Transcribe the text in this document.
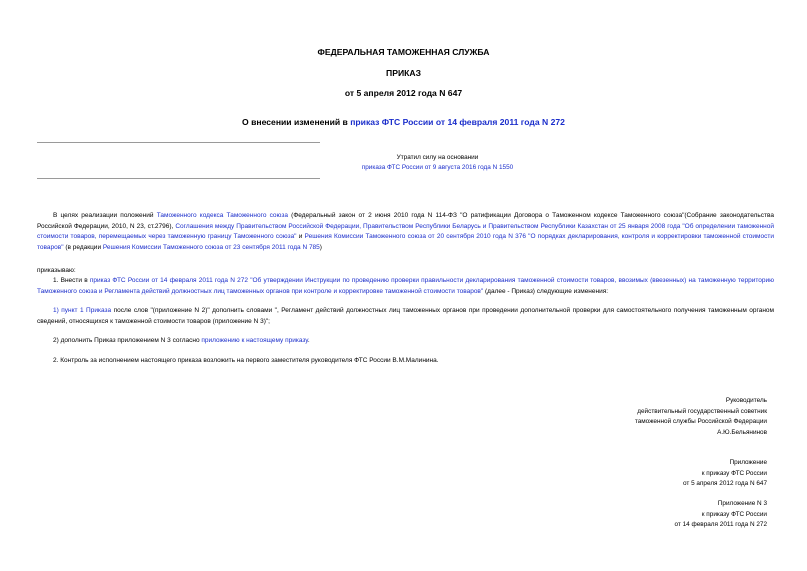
ФЕДЕРАЛЬНАЯ ТАМОЖЕННАЯ СЛУЖБА
ПРИКАЗ
от 5 апреля 2012 года N 647
О внесении изменений в приказ ФТС России от 14 февраля 2011 года N 272
Утратил силу на основании
приказа ФТС России от 9 августа 2016 года N 1550
В целях реализации положений Таможенного кодекса Таможенного союза (Федеральный закон от 2 июня 2010 года N 114-ФЗ "О ратификации Договора о Таможенном кодексе Таможенного союза"(Собрание законодательства Российской Федерации, 2010, N 23, ст.2796), Соглашения между Правительством Российской Федерации, Правительством Республики Беларусь и Правительством Республики Казахстан от 25 января 2008 года "Об определении таможенной стоимости товаров, перемещаемых через таможенную границу Таможенного союза" и Решения Комиссии Таможенного союза от 20 сентября 2010 года N 376 "О порядках декларирования, контроля и корректировки таможенной стоимости товаров" (в редакции Решения Комиссии Таможенного союза от 23 сентября 2011 года N 785)
приказываю:
1. Внести в приказ ФТС России от 14 февраля 2011 года N 272 "Об утверждении Инструкции по проведению проверки правильности декларирования таможенной стоимости товаров, ввозимых (ввезенных) на таможенную территорию Таможенного союза и Регламента действий должностных лиц таможенных органов при контроле и корректировке таможенной стоимости товаров" (далее - Приказ) следующие изменения:
1) пункт 1 Приказа после слов "(приложение N 2)" дополнить словами ", Регламент действий должностных лиц таможенных органов при проведении дополнительной проверки для самостоятельного получения таможенным органом сведений, относящихся к таможенной стоимости товаров (приложение N 3)";
2) дополнить Приказ приложением N 3 согласно приложению к настоящему приказу.
2. Контроль за исполнением настоящего приказа возложить на первого заместителя руководителя ФТС России В.М.Малинина.
Руководитель
действительный государственный советник
таможенной службы Российской Федерации
А.Ю.Бельянинов
Приложение
к приказу ФТС России
от 5 апреля 2012 года N 647
Приложение N 3
к приказу ФТС России
от 14 февраля 2011 года N 272
